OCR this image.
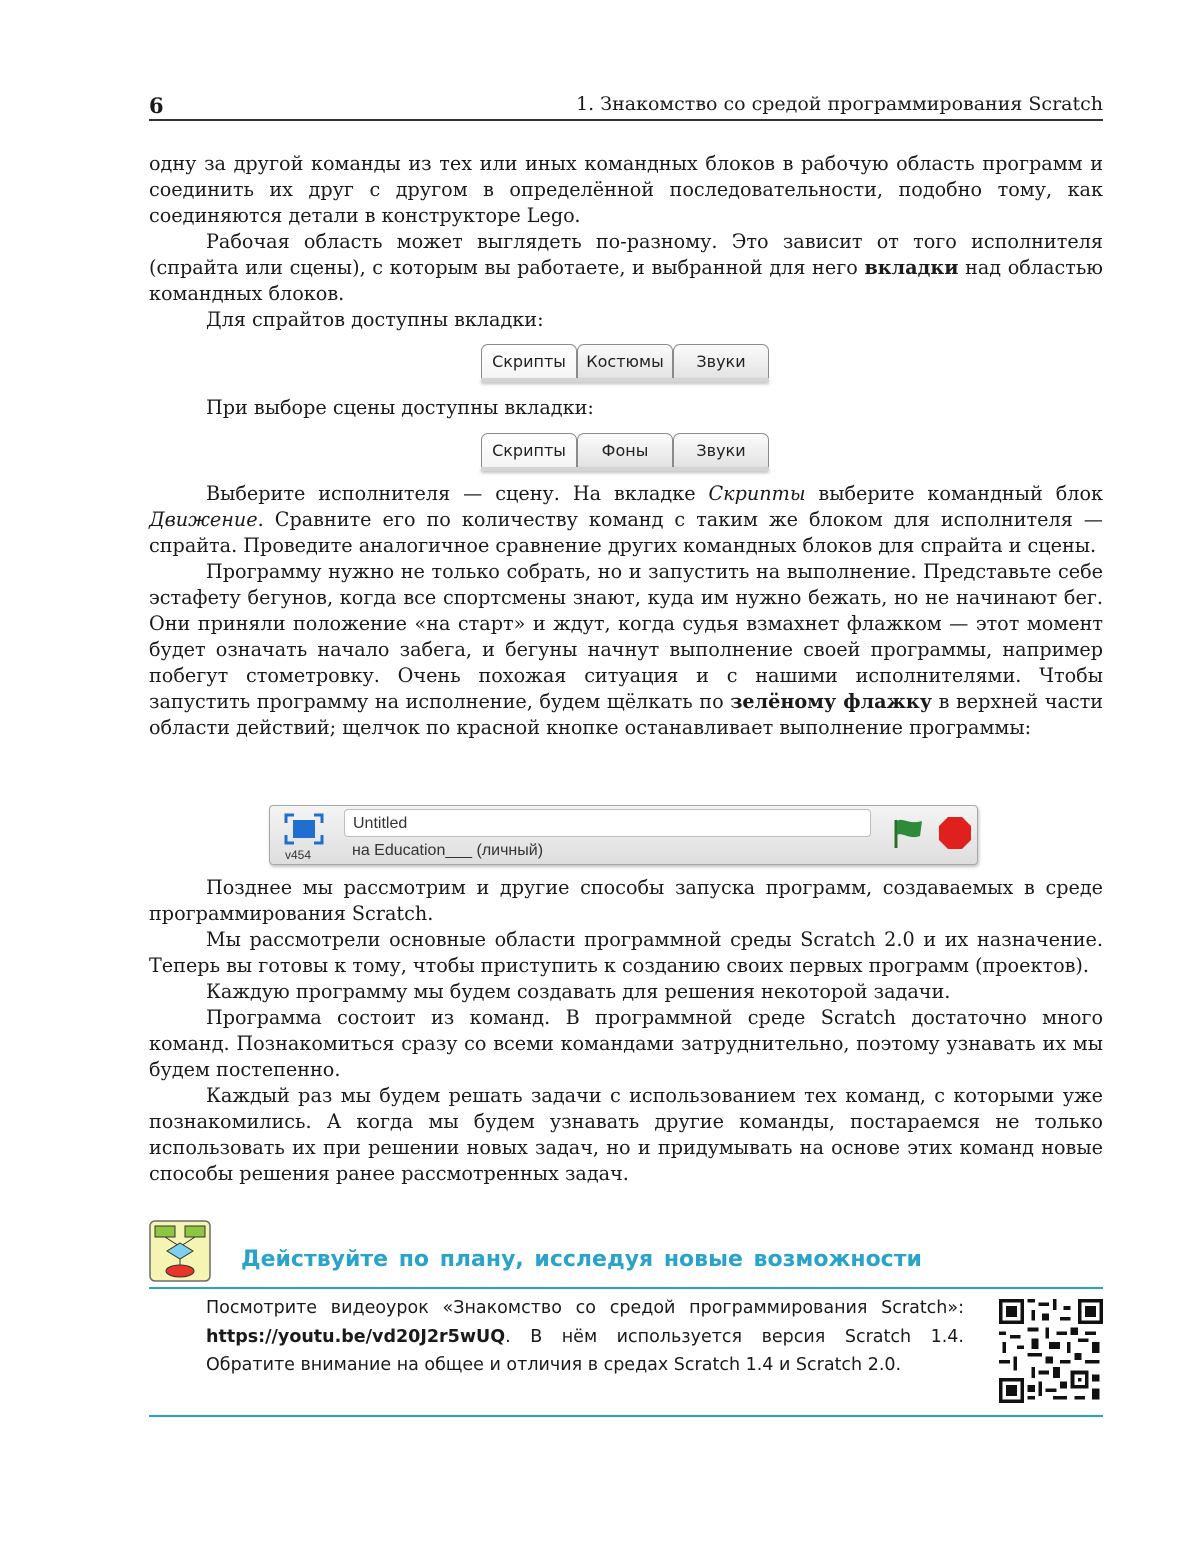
6	1. Знакомство со средой программирования Scratch

одну за другой команды из тех или иных командных блоков в рабочую область программ и соединить их друг с другом в определённой последовательности, подобно тому, как соединяются детали в конструкторе Lego.

Рабочая область может выглядеть по-разному. Это зависит от того исполнителя (спрайта или сцены), с которым вы работаете, и выбранной для него вкладки над областью командных блоков.

Для спрайтов доступны вкладки:

Скрипты	Костюмы	Звуки

При выборе сцены доступны вкладки:

Скрипты	Фоны	Звуки

Выберите исполнителя — сцену. На вкладке Скрипты выберите командный блок Движение. Сравните его по количеству команд с таким же блоком для исполнителя — спрайта. Проведите аналогичное сравнение других командных блоков для спрайта и сцены.

Программу нужно не только собрать, но и запустить на выполнение. Представьте себе эстафету бегунов, когда все спортсмены знают, куда им нужно бежать, но не начинают бег. Они приняли положение «на старт» и ждут, когда судья взмахнет флажком — этот момент будет означать начало забега, и бегуны начнут выполнение своей программы, например побегут стометровку. Очень похожая ситуация и с нашими исполнителями. Чтобы запустить программу на исполнение, будем щёлкать по зелёному флажку в верхней части области действий; щелчок по красной кнопке останавливает выполнение программы:

v454
Untitled
на Education___ (личный)

Позднее мы рассмотрим и другие способы запуска программ, создаваемых в среде программирования Scratch.

Мы рассмотрели основные области программной среды Scratch 2.0 и их назначение. Теперь вы готовы к тому, чтобы приступить к созданию своих первых программ (проектов).

Каждую программу мы будем создавать для решения некоторой задачи.

Программа состоит из команд. В программной среде Scratch достаточно много команд. Познакомиться сразу со всеми командами затруднительно, поэтому узнавать их мы будем постепенно.

Каждый раз мы будем решать задачи с использованием тех команд, с которыми уже познакомились. А когда мы будем узнавать другие команды, постараемся не только использовать их при решении новых задач, но и придумывать на основе этих команд новые способы решения ранее рассмотренных задач.

Действуйте по плану, исследуя новые возможности
Посмотрите видеоурок «Знакомство со средой программирования Scratch»: https://youtu.be/vd20J2r5wUQ. В нём используется версия Scratch 1.4. Обратите внимание на общее и отличия в средах Scratch 1.4 и Scratch 2.0.
